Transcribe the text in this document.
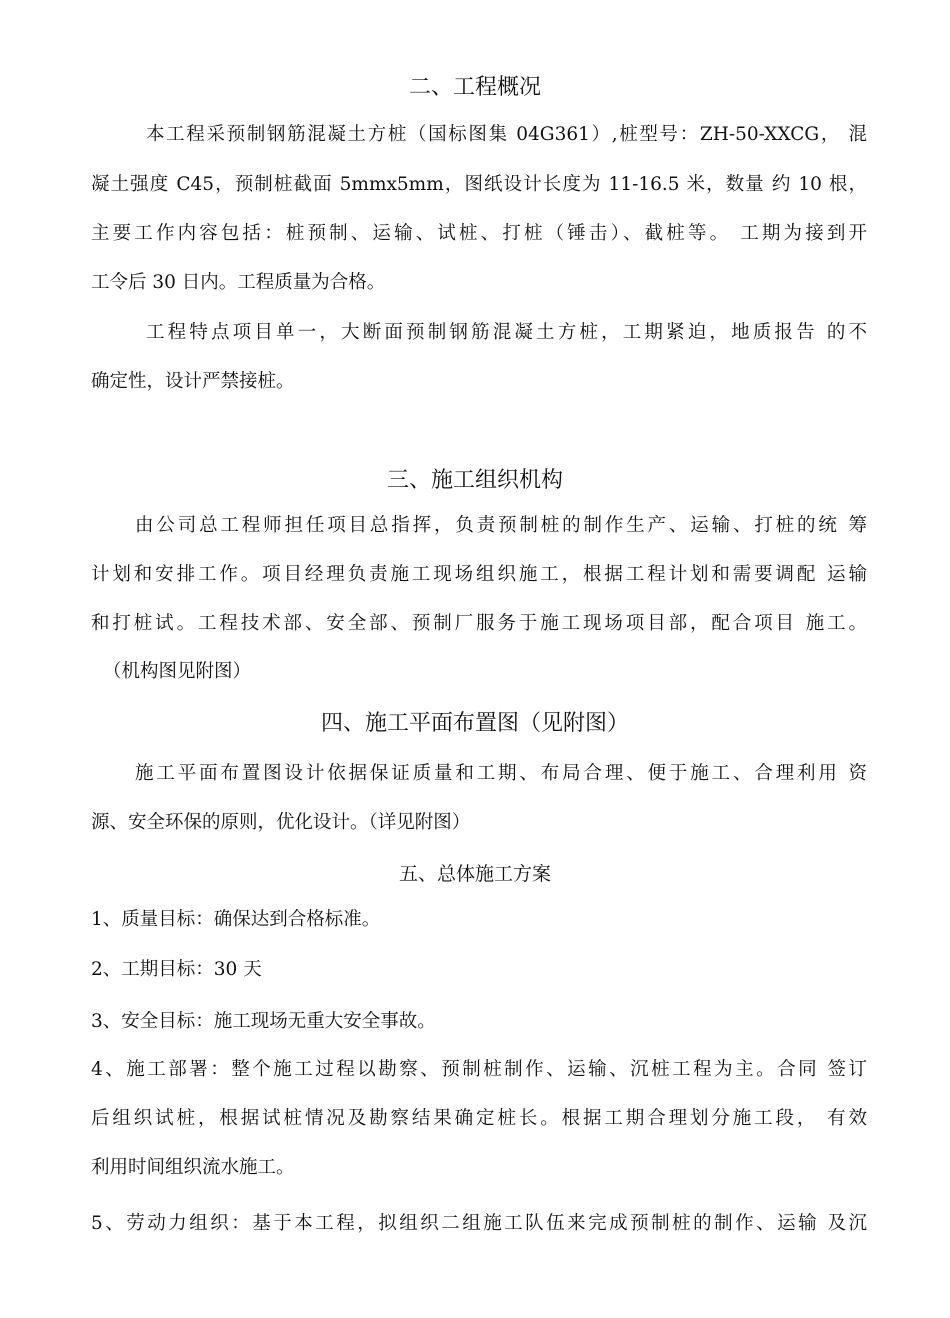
二、工程概况
本工程采预制钢筋混凝土方桩（国标图集 04G361）,桩型号：ZH-50-XXCG， 混
凝土强度 C45，预制桩截面 5mmx5mm，图纸设计长度为 11-16.5 米，数量 约 10 根，
主要工作内容包括：桩预制、运输、试桩、打桩（锤击）、截桩等。 工期为接到开
工令后 30 日内。工程质量为合格。
工程特点项目单一，大断面预制钢筋混凝土方桩，工期紧迫，地质报告 的不
确定性，设计严禁接桩。
三、施工组织机构
由公司总工程师担任项目总指挥，负责预制桩的制作生产、运输、打桩的统 筹
计划和安排工作。项目经理负责施工现场组织施工，根据工程计划和需要调配 运输
和打桩试。工程技术部、安全部、预制厂服务于施工现场项目部，配合项目 施工。
（机构图见附图）
四、施工平面布置图（见附图）
施工平面布置图设计依据保证质量和工期、布局合理、便于施工、合理利用 资
源、安全环保的原则，优化设计。（详见附图）
五、总体施工方案
1、质量目标：确保达到合格标准。
2、工期目标：30 天
3、安全目标：施工现场无重大安全事故。
4、施工部署：整个施工过程以勘察、预制桩制作、运输、沉桩工程为主。合同 签订
后组织试桩，根据试桩情况及勘察结果确定桩长。根据工期合理划分施工段， 有效
利用时间组织流水施工。
5、劳动力组织：基于本工程，拟组织二组施工队伍来完成预制桩的制作、运输 及沉
